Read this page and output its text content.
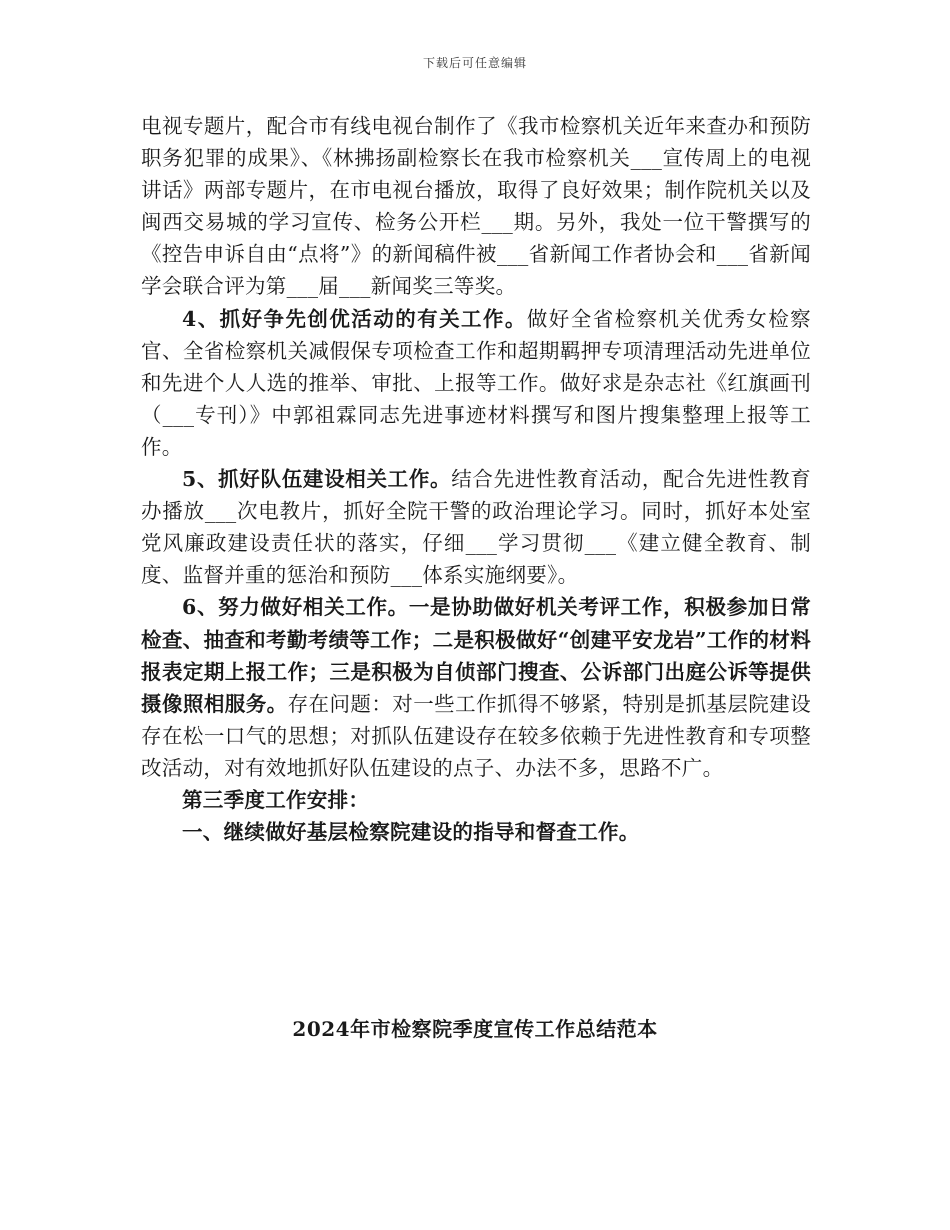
下载后可任意编辑

电视专题片，配合市有线电视台制作了《我市检察机关近年来查办和预防职务犯罪的成果》、《林拂扬副检察长在我市检察机关___宣传周上的电视讲话》两部专题片，在市电视台播放，取得了良好效果；制作院机关以及闽西交易城的学习宣传、检务公开栏___期。另外，我处一位干警撰写的《控告申诉自由“点将”》的新闻稿件被___省新闻工作者协会和___省新闻学会联合评为第___届___新闻奖三等奖。

4、抓好争先创优活动的有关工作。做好全省检察机关优秀女检察官、全省检察机关减假保专项检查工作和超期羁押专项清理活动先进单位和先进个人人选的推举、审批、上报等工作。做好求是杂志社《红旗画刊（___专刊）》中郭祖霖同志先进事迹材料撰写和图片搜集整理上报等工作。

5、抓好队伍建设相关工作。结合先进性教育活动，配合先进性教育办播放___次电教片，抓好全院干警的政治理论学习。同时，抓好本处室党风廉政建设责任状的落实，仔细___学习贯彻___《建立健全教育、制度、监督并重的惩治和预防___体系实施纲要》。

6、努力做好相关工作。一是协助做好机关考评工作，积极参加日常检查、抽查和考勤考绩等工作；二是积极做好“创建平安龙岩”工作的材料报表定期上报工作；三是积极为自侦部门搜查、公诉部门出庭公诉等提供摄像照相服务。存在问题：对一些工作抓得不够紧，特别是抓基层院建设存在松一口气的思想；对抓队伍建设存在较多依赖于先进性教育和专项整改活动，对有效地抓好队伍建设的点子、办法不多，思路不广。

第三季度工作安排：

一、继续做好基层检察院建设的指导和督查工作。

2024年市检察院季度宣传工作总结范本
